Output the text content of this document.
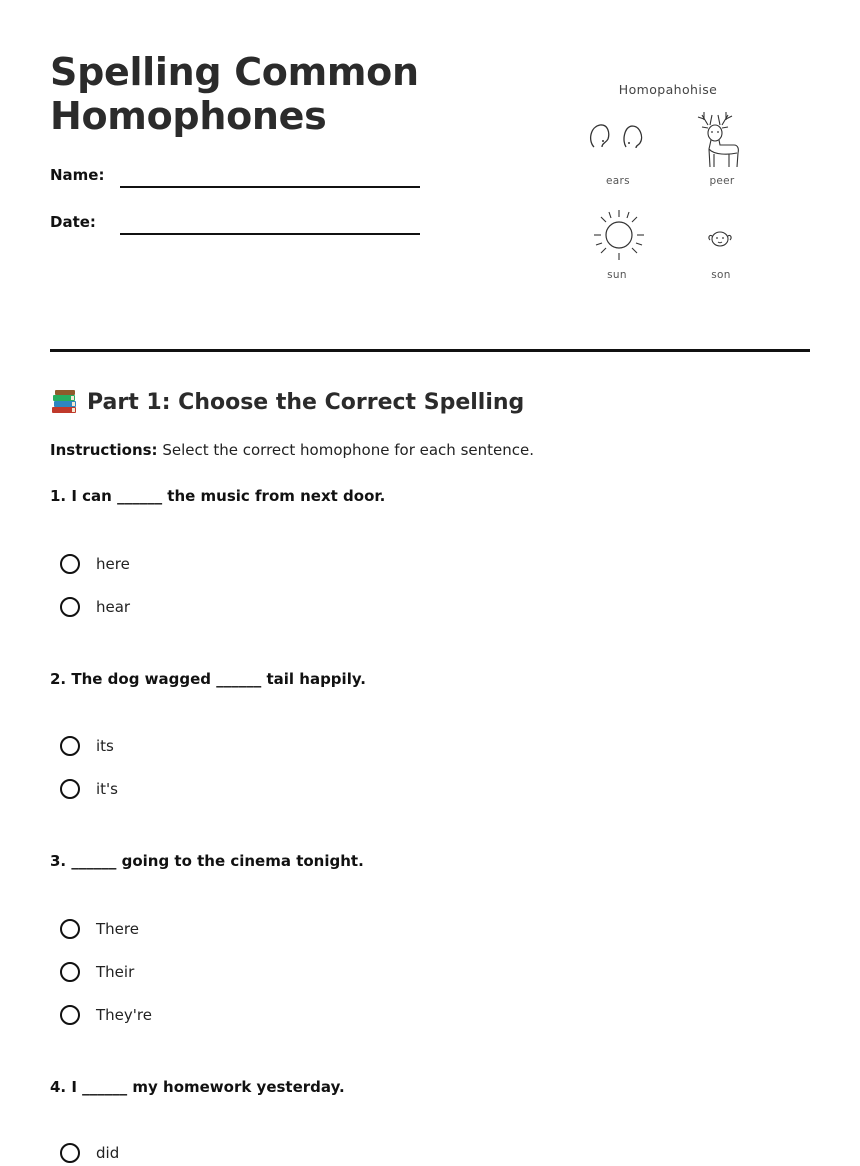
Spelling Common
Homophones
Name:
Date:
Homopahohise
ears	peer
sun	son
Part 1: Choose the Correct Spelling
Instructions: Select the correct homophone for each sentence.
1. I can ______ the music from next door.
here
hear
2. The dog wagged ______ tail happily.
its
it's
3. ______ going to the cinema tonight.
There
Their
They're
4. I ______ my homework yesterday.
did
